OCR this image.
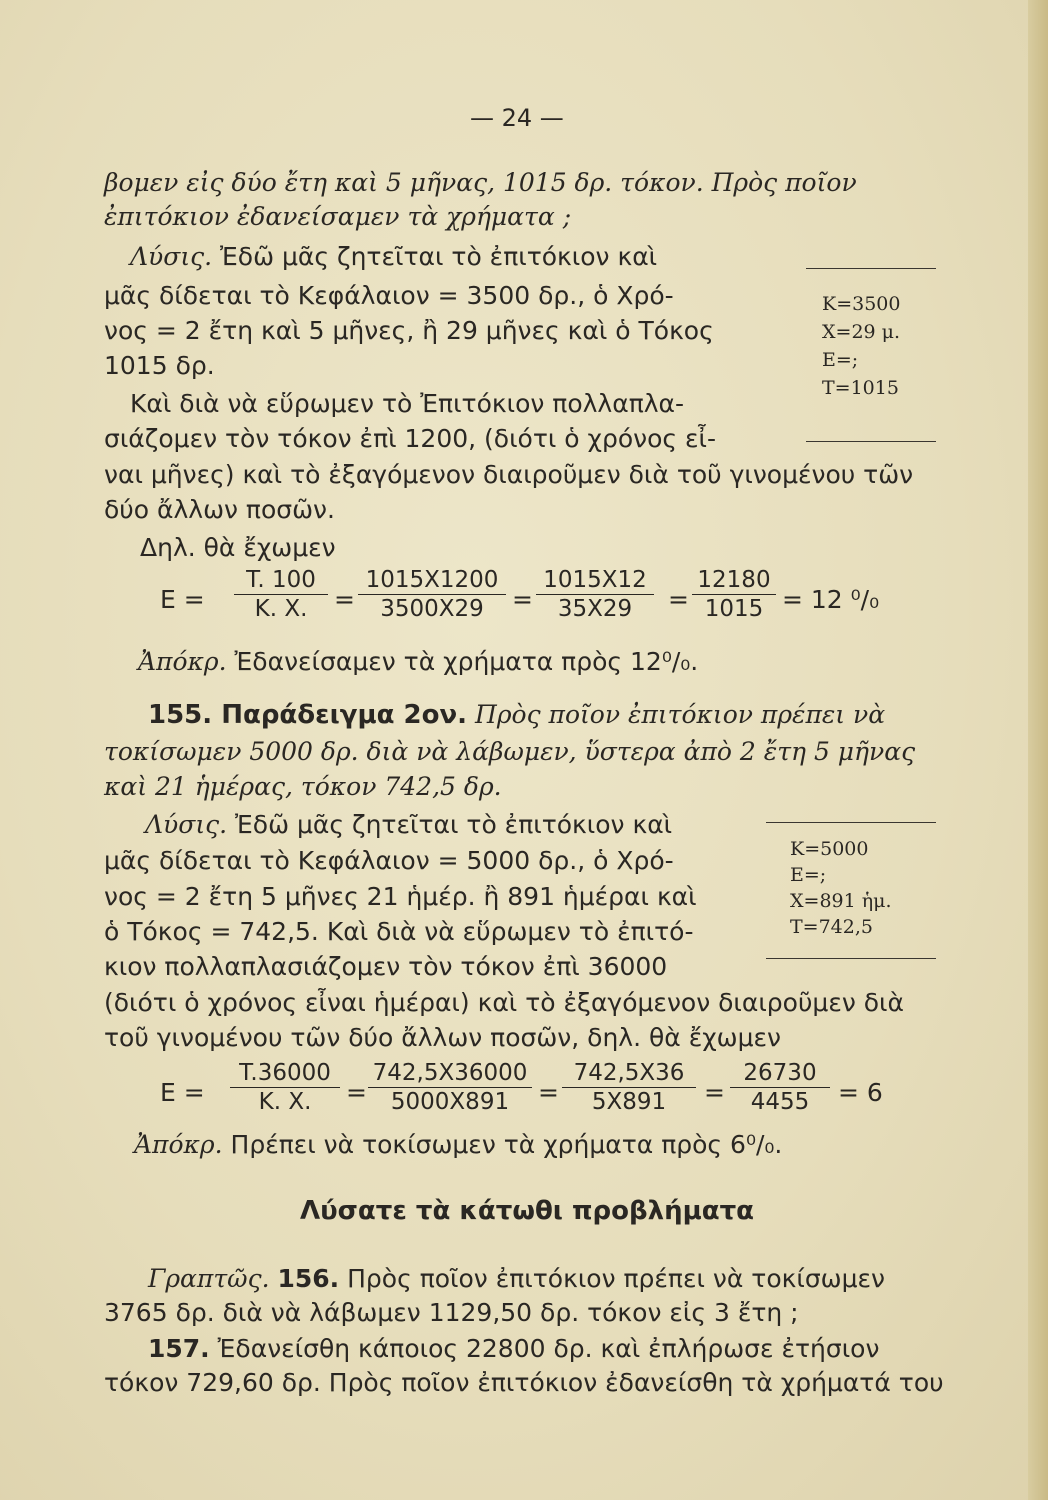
— 24 —
βομεν εἰς δύο ἔτη καὶ 5 μῆνας, 1015 δρ. τόκον. Πρὸς ποῖον
ἐπιτόκιον ἐδανείσαμεν τὰ χρήματα ;
Λύσις. Ἐδῶ μᾶς ζητεῖται τὸ ἐπιτόκιον καὶ
μᾶς δίδεται τὸ Κεφάλαιον = 3500 δρ., ὁ Χρό-
νος = 2 ἔτη καὶ 5 μῆνες, ἢ 29 μῆνες καὶ ὁ Τόκος
1015 δρ.
K=3500
X=29 μ.
E=;
T=1015
Καὶ διὰ νὰ εὕρωμεν τὸ Ἐπιτόκιον πολλαπλα-
σιάζομεν τὸν τόκον ἐπὶ 1200, (διότι ὁ χρόνος εἶ-
ναι μῆνες) καὶ τὸ ἐξαγόμενον διαιροῦμεν διὰ τοῦ γινομένου τῶν
δύο ἄλλων ποσῶν.
Δηλ. θὰ ἔχωμεν
$E = \frac{T. 100}{K. X.} = \frac{1015X1200}{3500X29} = \frac{1015X12}{35X29} = \frac{12180}{1015} = 12$ ⁰/₀
Ἀπόκρ. Ἐδανείσαμεν τὰ χρήματα πρὸς 12⁰/₀.
155. Παράδειγμα 2ον. Πρὸς ποῖον ἐπιτόκιον πρέπει νὰ
τοκίσωμεν 5000 δρ. διὰ νὰ λάβωμεν, ὕστερα ἀπὸ 2 ἔτη 5 μῆνας
καὶ 21 ἡμέρας, τόκον 742,5 δρ.
Λύσις. Ἐδῶ μᾶς ζητεῖται τὸ ἐπιτόκιον καὶ
μᾶς δίδεται τὸ Κεφάλαιον = 5000 δρ., ὁ Χρό-
νος = 2 ἔτη 5 μῆνες 21 ἡμέρ. ἢ 891 ἡμέραι καὶ
ὁ Τόκος = 742,5. Καὶ διὰ νὰ εὕρωμεν τὸ ἐπιτό-
κιον πολλαπλασιάζομεν τὸν τόκον ἐπὶ 36000
K=5000
E=;
X=891 ἡμ.
T=742,5
(διότι ὁ χρόνος εἶναι ἡμέραι) καὶ τὸ ἐξαγόμενον διαιροῦμεν διὰ
τοῦ γινομένου τῶν δύο ἄλλων ποσῶν, δηλ. θὰ ἔχωμεν
$E = \frac{T.36000}{K. X.} = \frac{742,5X36000}{5000X891} = \frac{742,5X36}{5X891} = \frac{26730}{4455} = 6$
Ἀπόκρ. Πρέπει νὰ τοκίσωμεν τὰ χρήματα πρὸς 6⁰/₀.
Λύσατε τὰ κάτωθι προβλήματα
Γραπτῶς. 156. Πρὸς ποῖον ἐπιτόκιον πρέπει νὰ τοκίσωμεν
3765 δρ. διὰ νὰ λάβωμεν 1129,50 δρ. τόκον εἰς 3 ἔτη ;
157. Ἐδανείσθη κάποιος 22800 δρ. καὶ ἐπλήρωσε ἐτήσιον
τόκον 729,60 δρ. Πρὸς ποῖον ἐπιτόκιον ἐδανείσθη τὰ χρήματά του
